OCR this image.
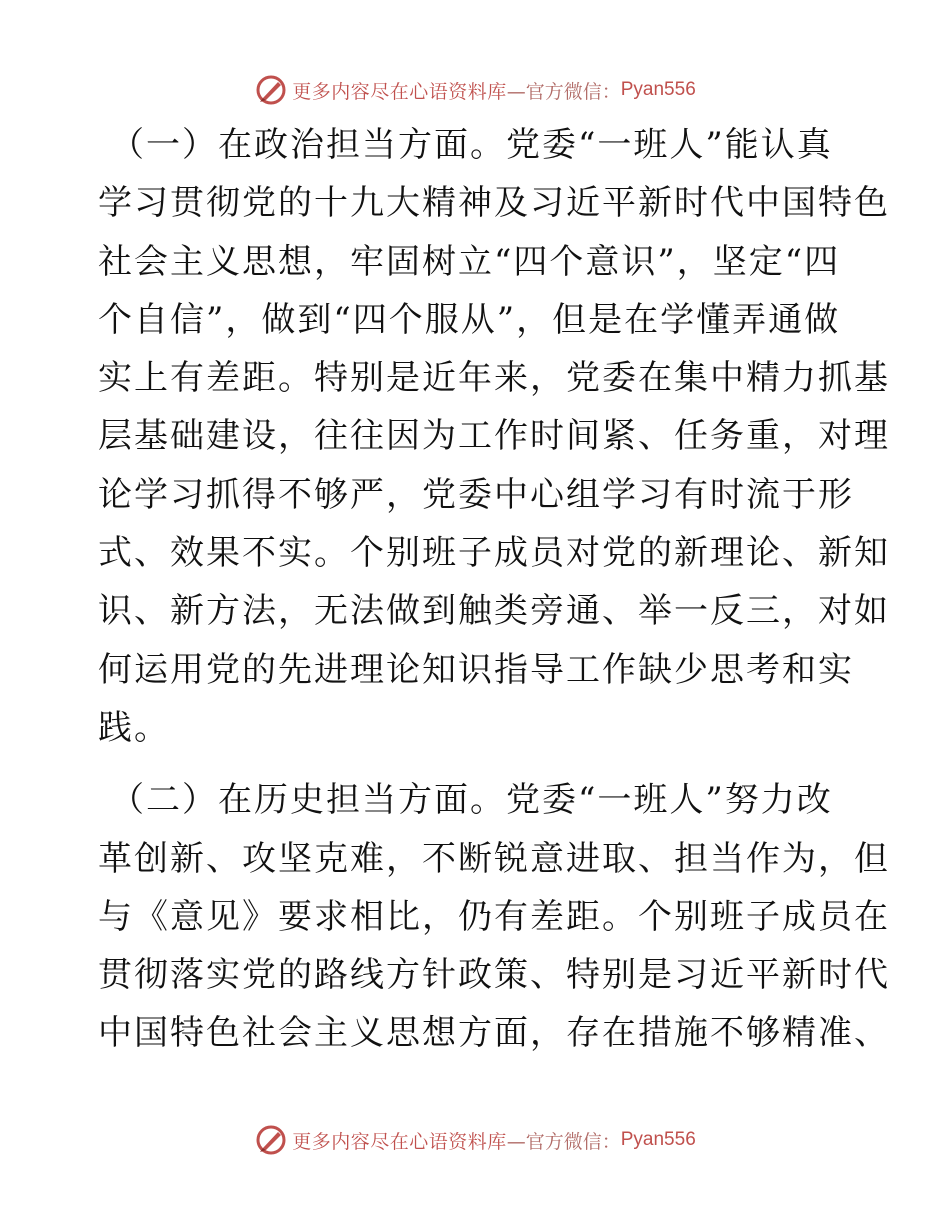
更多内容尽在心语资料库 —官方微信： Pyan556

（一）在政治担当方面。党委“一班人”能认真
学习贯彻党的十九大精神及习近平新时代中国特色
社会主义思想，牢固树立“四个意识”，坚定“四
个自信”，做到“四个服从”，但是在学懂弄通做
实上有差距。特别是近年来，党委在集中精力抓基
层基础建设，往往因为工作时间紧、任务重，对理
论学习抓得不够严，党委中心组学习有时流于形
式、效果不实。个别班子成员对党的新理论、新知
识、新方法，无法做到触类旁通、举一反三，对如
何运用党的先进理论知识指导工作缺少思考和实
践。

（二）在历史担当方面。党委“一班人”努力改
革创新、攻坚克难，不断锐意进取、担当作为，但
与《意见》要求相比，仍有差距。个别班子成员在
贯彻落实党的路线方针政策、特别是习近平新时代
中国特色社会主义思想方面，存在措施不够精准、

更多内容尽在心语资料库 —官方微信： Pyan556
